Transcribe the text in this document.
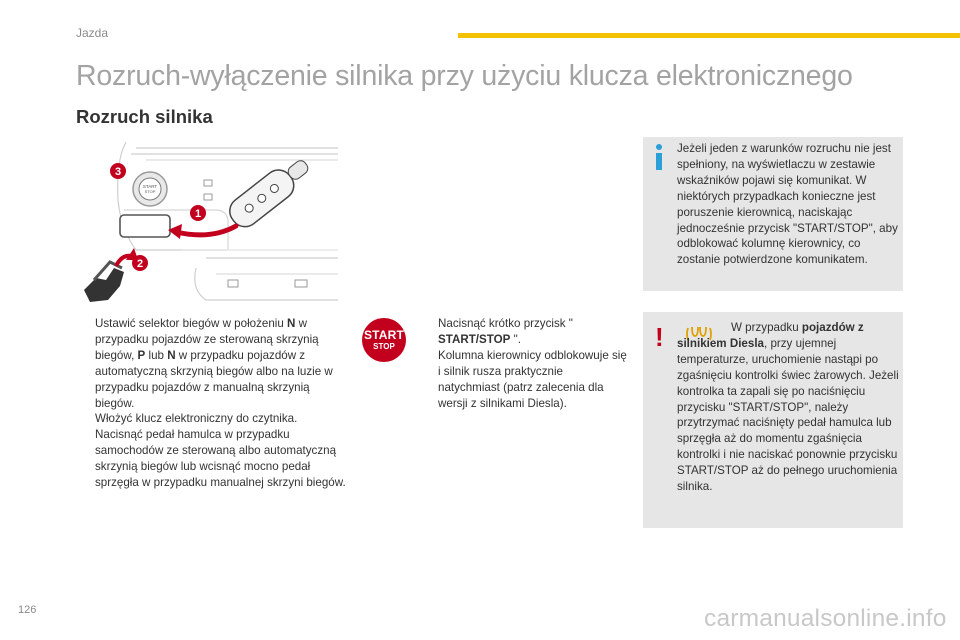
Jazda
Rozruch-wyłączenie silnika przy użyciu klucza elektronicznego
Rozruch silnika
START
STOP
3
1
2
Ustawić selektor biegów w położeniu N w przypadku pojazdów ze sterowaną skrzynią biegów, P lub N w przypadku pojazdów z automatyczną skrzynią biegów albo na luzie w przypadku pojazdów z manualną skrzynią biegów.
Włożyć klucz elektroniczny do czytnika.
Nacisnąć pedał hamulca w przypadku samochodów ze sterowaną albo automatyczną skrzynią biegów lub wcisnąć mocno pedał sprzęgła w przypadku manualnej skrzyni biegów.
START
STOP
Nacisnąć krótko przycisk " START/STOP ".
Kolumna kierownicy odblokowuje się i silnik rusza praktycznie natychmiast (patrz zalecenia dla wersji z silnikami Diesla).
Jeżeli jeden z warunków rozruchu nie jest spełniony, na wyświetlaczu w zestawie wskaźników pojawi się komunikat. W niektórych przypadkach konieczne jest poruszenie kierownicą, naciskając jednocześnie przycisk "START/STOP", aby odblokować kolumnę kierownicy, co zostanie potwierdzone komunikatem.
!	W przypadku pojazdów z silnikiem Diesla, przy ujemnej temperaturze, uruchomienie nastąpi po zgaśnięciu kontrolki świec żarowych. Jeżeli kontrolka ta zapali się po naciśnięciu przycisku "START/STOP", należy przytrzymać naciśnięty pedał hamulca lub sprzęgła aż do momentu zgaśnięcia kontrolki i nie naciskać ponownie przycisku START/STOP aż do pełnego uruchomienia silnika.
126	carmanualsonline.info
